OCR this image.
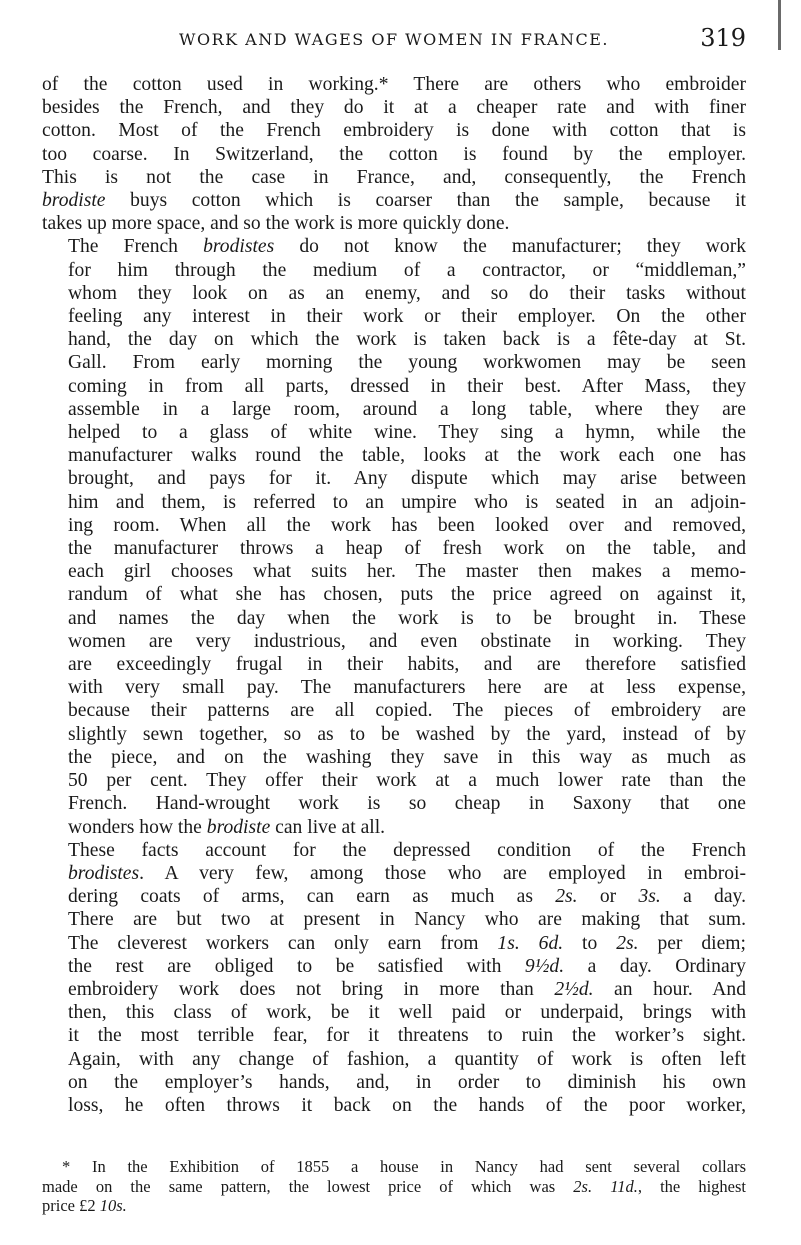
WORK AND WAGES OF WOMEN IN FRANCE.	319

of the cotton used in working.* There are others who embroider
besides the French, and they do it at a cheaper rate and with finer
cotton. Most of the French embroidery is done with cotton that is
too coarse. In Switzerland, the cotton is found by the employer.
This is not the case in France, and, consequently, the French
brodiste buys cotton which is coarser than the sample, because it
takes up more space, and so the work is more quickly done.

The French brodistes do not know the manufacturer; they work
for him through the medium of a contractor, or “middleman,”
whom they look on as an enemy, and so do their tasks without
feeling any interest in their work or their employer. On the other
hand, the day on which the work is taken back is a fête-day at St.
Gall. From early morning the young workwomen may be seen
coming in from all parts, dressed in their best. After Mass, they
assemble in a large room, around a long table, where they are
helped to a glass of white wine. They sing a hymn, while the
manufacturer walks round the table, looks at the work each one has
brought, and pays for it. Any dispute which may arise between
him and them, is referred to an umpire who is seated in an adjoin-
ing room. When all the work has been looked over and removed,
the manufacturer throws a heap of fresh work on the table, and
each girl chooses what suits her. The master then makes a memo-
randum of what she has chosen, puts the price agreed on against it,
and names the day when the work is to be brought in. These
women are very industrious, and even obstinate in working. They
are exceedingly frugal in their habits, and are therefore satisfied
with very small pay. The manufacturers here are at less expense,
because their patterns are all copied. The pieces of embroidery are
slightly sewn together, so as to be washed by the yard, instead of by
the piece, and on the washing they save in this way as much as
50 per cent. They offer their work at a much lower rate than the
French. Hand-wrought work is so cheap in Saxony that one
wonders how the brodiste can live at all.

These facts account for the depressed condition of the French
brodistes. A very few, among those who are employed in embroi-
dering coats of arms, can earn as much as 2s. or 3s. a day.
There are but two at present in Nancy who are making that sum.
The cleverest workers can only earn from 1s. 6d. to 2s. per diem;
the rest are obliged to be satisfied with 9½d. a day. Ordinary
embroidery work does not bring in more than 2½d. an hour. And
then, this class of work, be it well paid or underpaid, brings with
it the most terrible fear, for it threatens to ruin the worker’s sight.
Again, with any change of fashion, a quantity of work is often left
on the employer’s hands, and, in order to diminish his own
loss, he often throws it back on the hands of the poor worker,

* In the Exhibition of 1855 a house in Nancy had sent several collars
made on the same pattern, the lowest price of which was 2s. 11d., the highest
price £2 10s.
